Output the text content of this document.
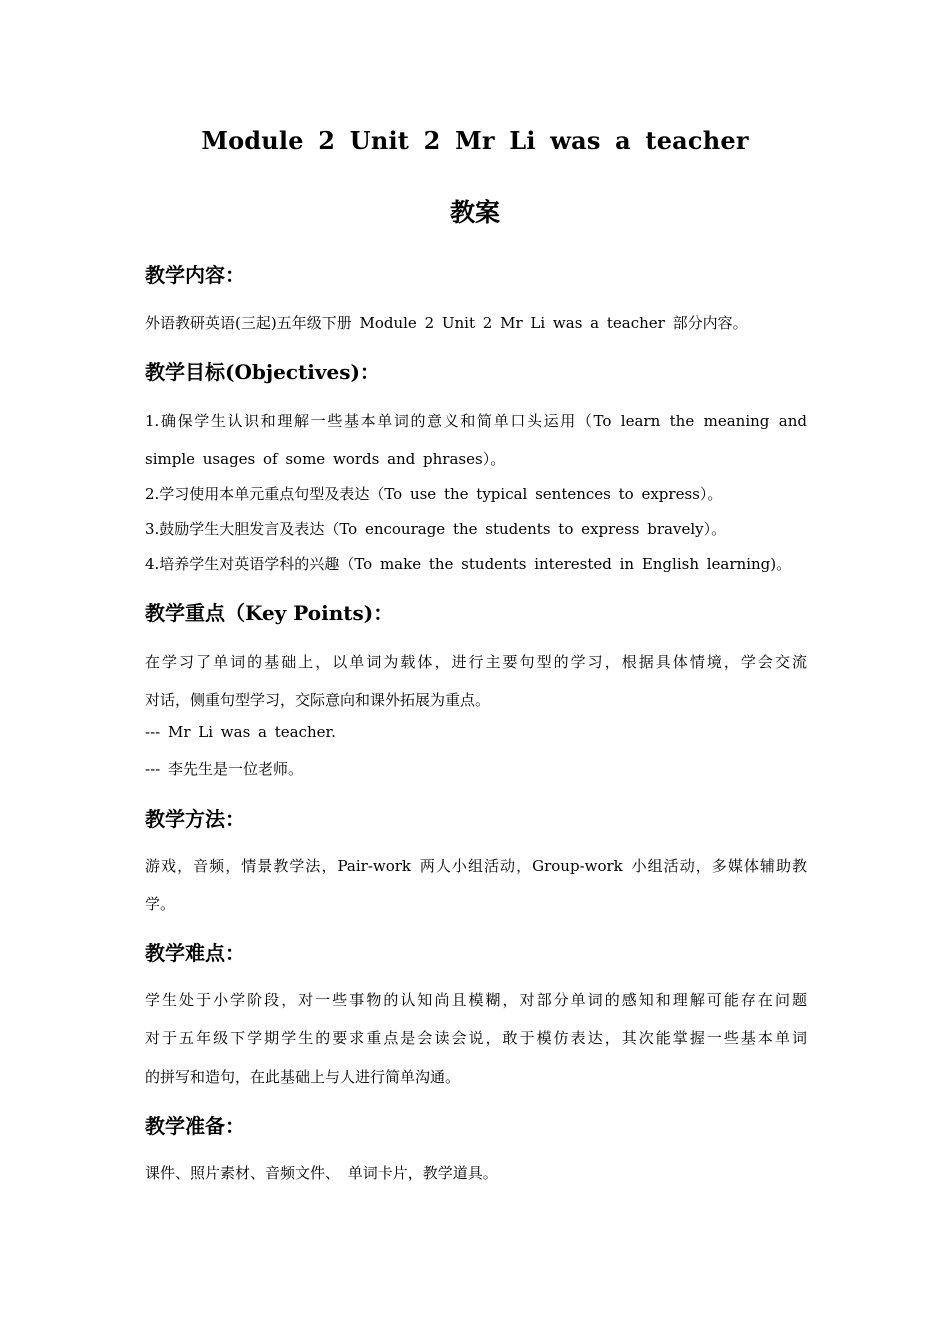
Module 2 Unit 2 Mr Li was a teacher
教案
教学内容：
外语教研英语(三起)五年级下册 Module 2 Unit 2 Mr Li was a teacher 部分内容。
教学目标(Objectives)：
1.确保学生认识和理解一些基本单词的意义和简单口头运用（To learn the meaning and
simple usages of some words and phrases）。
2.学习使用本单元重点句型及表达（To use the typical sentences to express）。
3.鼓励学生大胆发言及表达（To encourage the students to express bravely）。
4.培养学生对英语学科的兴趣（To make the students interested in English learning)。
教学重点（Key Points)：
在学习了单词的基础上，以单词为载体，进行主要句型的学习，根据具体情境，学会交流
对话，侧重句型学习，交际意向和课外拓展为重点。
--- Mr Li was a teacher.
--- 李先生是一位老师。
教学方法：
游戏，音频，情景教学法，Pair-work 两人小组活动，Group-work 小组活动，多媒体辅助教
学。
教学难点：
学生处于小学阶段，对一些事物的认知尚且模糊，对部分单词的感知和理解可能存在问题
对于五年级下学期学生的要求重点是会读会说，敢于模仿表达，其次能掌握一些基本单词
的拼写和造句，在此基础上与人进行简单沟通。
教学准备：
课件、照片素材、音频文件、 单词卡片，教学道具。
